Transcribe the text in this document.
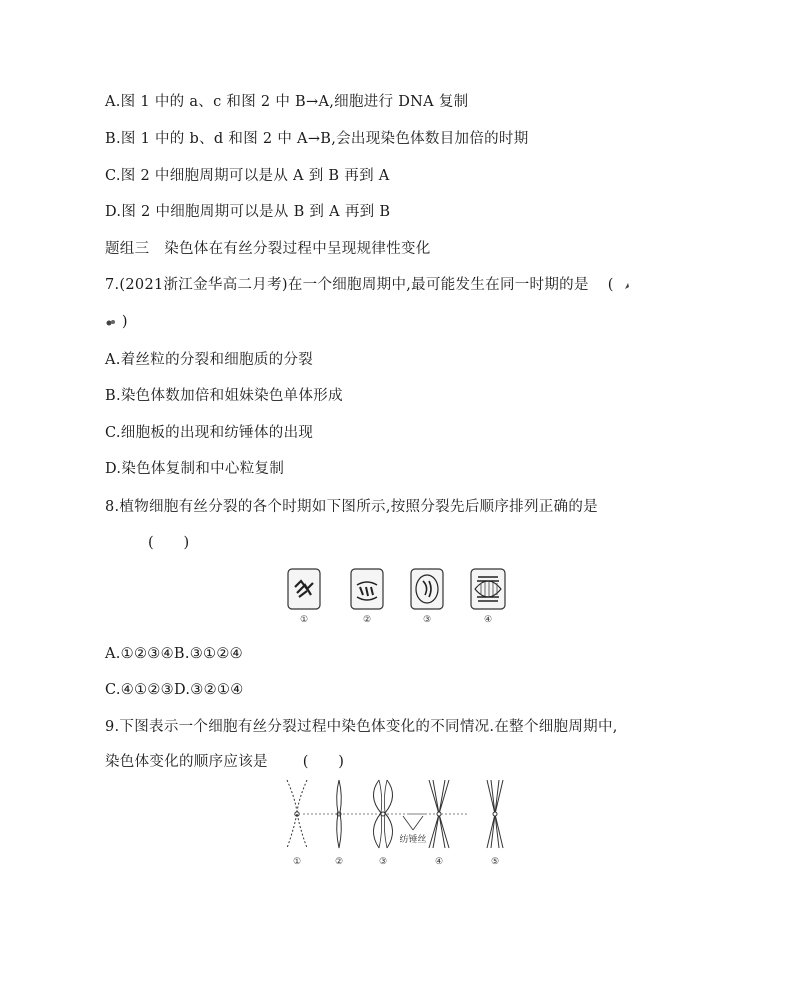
A.图 1 中的 a、c 和图 2 中 B→A,细胞进行 DNA 复制
B.图 1 中的 b、d 和图 2 中 A→B,会出现染色体数目加倍的时期
C.图 2 中细胞周期可以是从 A 到 B 再到 A
D.图 2 中细胞周期可以是从 B 到 A 再到 B
题组三　染色体在有丝分裂过程中呈现规律性变化
7.(2021浙江金华高二月考)在一个细胞周期中,最可能发生在同一时期的是 (
)
A.着丝粒的分裂和细胞质的分裂
B.染色体数加倍和姐妹染色单体形成
C.细胞板的出现和纺锤体的出现
D.染色体复制和中心粒复制
8.植物细胞有丝分裂的各个时期如下图所示,按照分裂先后顺序排列正确的是
(　　)
①	②	③	④
A.①②③④B.③①②④
C.④①②③D.③②①④
9.下图表示一个细胞有丝分裂过程中染色体变化的不同情况.在整个细胞周期中,
染色体变化的顺序应该是 (　　)
纺锤丝
①	②	③	④	⑤
